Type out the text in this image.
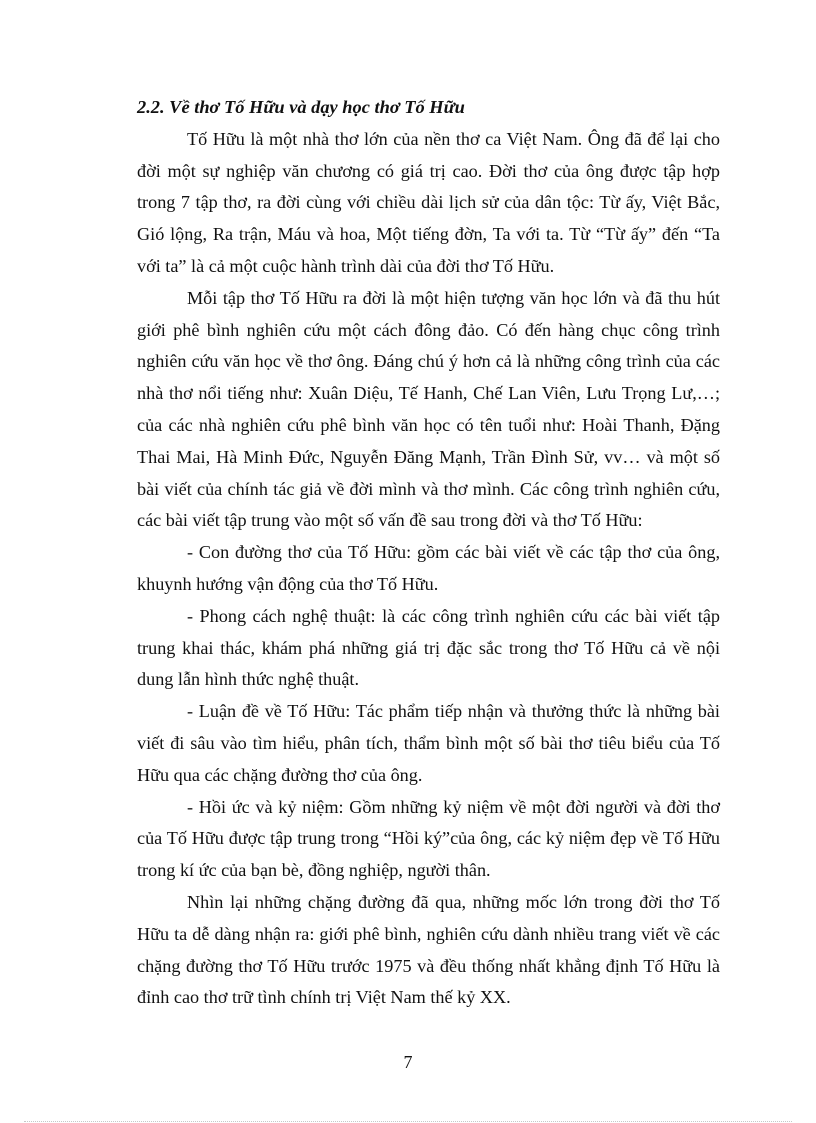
2.2. Về thơ Tố Hữu và dạy học thơ Tố Hữu

Tố Hữu là một nhà thơ lớn của nền thơ ca Việt Nam. Ông đã để lại cho đời một sự nghiệp văn chương có giá trị cao. Đời thơ của ông được tập hợp trong 7 tập thơ, ra đời cùng với chiều dài lịch sử của dân tộc: Từ ấy, Việt Bắc, Gió lộng, Ra trận, Máu và hoa, Một tiếng đờn, Ta với ta. Từ “Từ ấy” đến “Ta với ta” là cả một cuộc hành trình dài của đời thơ Tố Hữu.

Mỗi tập thơ Tố Hữu ra đời là một hiện tượng văn học lớn và đã thu hút giới phê bình nghiên cứu một cách đông đảo. Có đến hàng chục công trình nghiên cứu văn học về thơ ông. Đáng chú ý hơn cả là những công trình của các nhà thơ nổi tiếng như: Xuân Diệu, Tế Hanh, Chế Lan Viên, Lưu Trọng Lư,…; của các nhà nghiên cứu phê bình văn học có tên tuổi như: Hoài Thanh, Đặng Thai Mai, Hà Minh Đức, Nguyễn Đăng Mạnh, Trần Đình Sử, vv… và một số bài viết của chính tác giả về đời mình và thơ mình. Các công trình nghiên cứu, các bài viết tập trung vào một số vấn đề sau trong đời và thơ Tố Hữu:

- Con đường thơ của Tố Hữu: gồm các bài viết về các tập thơ của ông, khuynh hướng vận động của thơ Tố Hữu.

- Phong cách nghệ thuật: là các công trình nghiên cứu các bài viết tập trung khai thác, khám phá những giá trị đặc sắc trong thơ Tố Hữu cả về nội dung lẫn hình thức nghệ thuật.

- Luận đề về Tố Hữu: Tác phẩm tiếp nhận và thưởng thức là những bài viết đi sâu vào tìm hiểu, phân tích, thẩm bình một số bài thơ tiêu biểu của Tố Hữu qua các chặng đường thơ của ông.

- Hồi ức và kỷ niệm: Gồm những kỷ niệm về một đời người và đời thơ của Tố Hữu được tập trung trong “Hồi ký”của ông, các kỷ niệm đẹp về Tố Hữu trong kí ức của bạn bè, đồng nghiệp, người thân.

Nhìn lại những chặng đường đã qua, những mốc lớn trong đời thơ Tố Hữu ta dễ dàng nhận ra: giới phê bình, nghiên cứu dành nhiều trang viết về các chặng đường thơ Tố Hữu trước 1975 và đều thống nhất khẳng định Tố Hữu là đỉnh cao thơ trữ tình chính trị Việt Nam thế kỷ XX.

7
